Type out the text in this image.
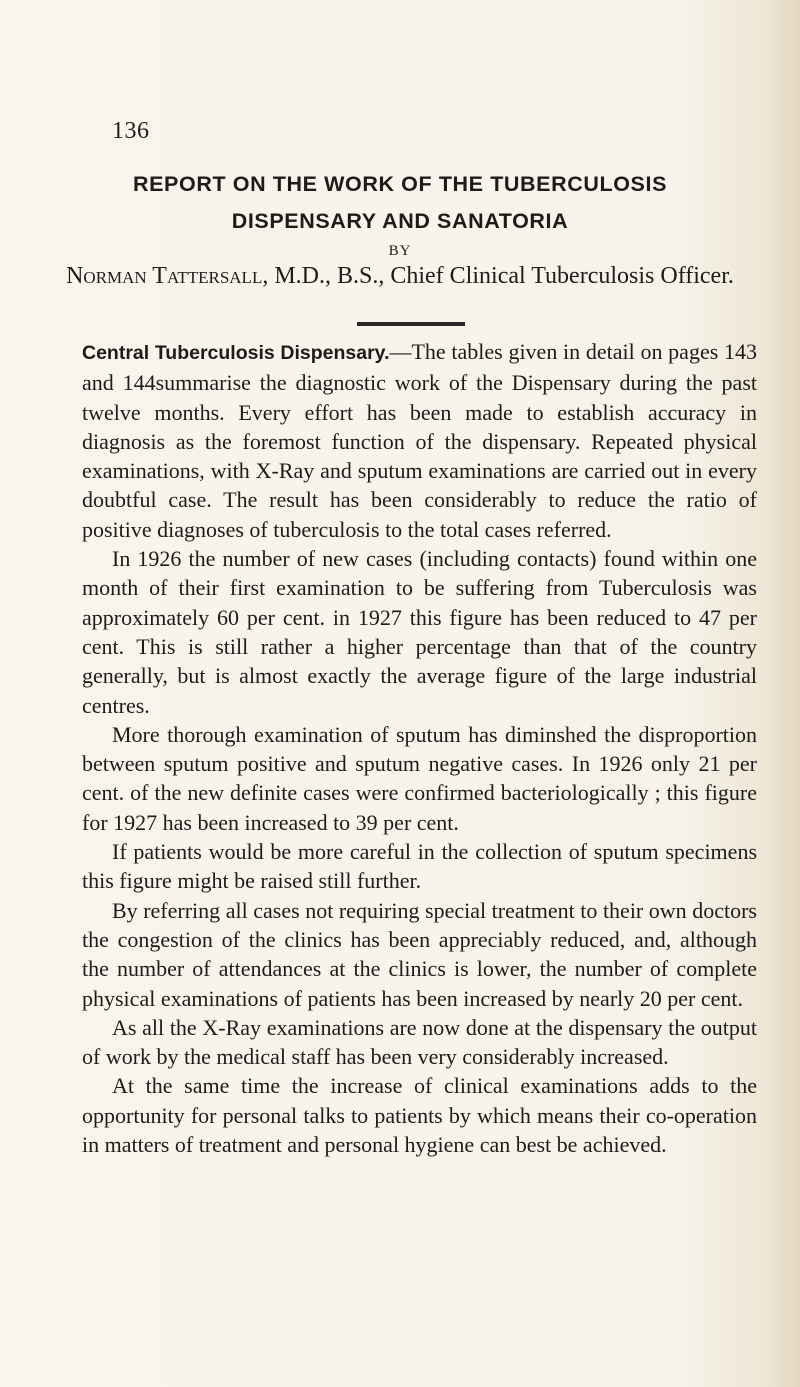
136
REPORT ON THE WORK OF THE TUBERCULOSIS
DISPENSARY AND SANATORIA
BY
Norman Tattersall, M.D., B.S., Chief Clinical Tuberculosis Officer.

Central Tuberculosis Dispensary.—The tables given in detail on pages 143 and 144summarise the diagnostic work of the Dispensary during the past twelve months. Every effort has been made to establish accuracy in diagnosis as the foremost function of the dispensary. Repeated physical examinations, with X-Ray and sputum examinations are carried out in every doubtful case. The result has been considerably to reduce the ratio of positive diagnoses of tuberculosis to the total cases referred.

In 1926 the number of new cases (including contacts) found within one month of their first examination to be suffering from Tuberculosis was approximately 60 per cent. in 1927 this figure has been reduced to 47 per cent. This is still rather a higher percentage than that of the country generally, but is almost exactly the average figure of the large industrial centres.

More thorough examination of sputum has diminshed the disproportion between sputum positive and sputum negative cases. In 1926 only 21 per cent. of the new definite cases were confirmed bacteriologically ; this figure for 1927 has been increased to 39 per cent.

If patients would be more careful in the collection of sputum specimens this figure might be raised still further.

By referring all cases not requiring special treatment to their own doctors the congestion of the clinics has been appreciably reduced, and, although the number of attendances at the clinics is lower, the number of complete physical examinations of patients has been increased by nearly 20 per cent.

As all the X-Ray examinations are now done at the dispensary the output of work by the medical staff has been very considerably increased.

At the same time the increase of clinical examinations adds to the opportunity for personal talks to patients by which means their co-operation in matters of treatment and personal hygiene can best be achieved.
